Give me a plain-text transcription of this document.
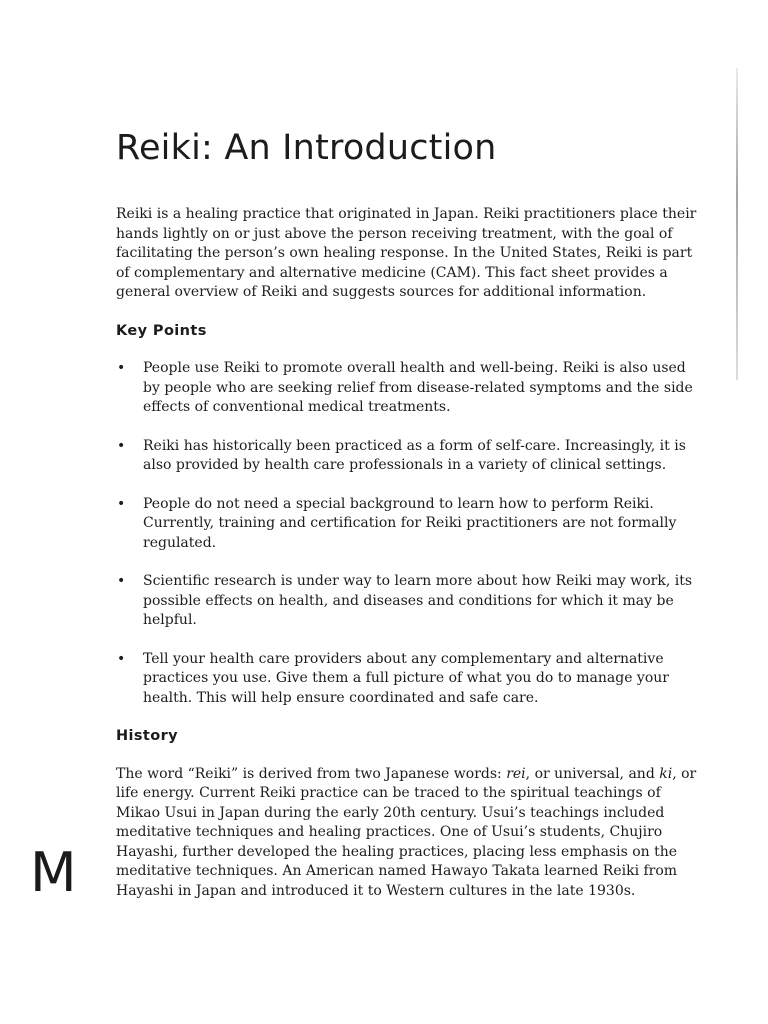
Reiki: An Introduction

Reiki is a healing practice that originated in Japan. Reiki practitioners place their hands lightly on or just above the person receiving treatment, with the goal of facilitating the person’s own healing response. In the United States, Reiki is part of complementary and alternative medicine (CAM). This fact sheet provides a general overview of Reiki and suggests sources for additional information.

Key Points
• People use Reiki to promote overall health and well-being. Reiki is also used by people who are seeking relief from disease-related symptoms and the side effects of conventional medical treatments.
• Reiki has historically been practiced as a form of self-care. Increasingly, it is also provided by health care professionals in a variety of clinical settings.
• People do not need a special background to learn how to perform Reiki. Currently, training and certification for Reiki practitioners are not formally regulated.
• Scientific research is under way to learn more about how Reiki may work, its possible effects on health, and diseases and conditions for which it may be helpful.
• Tell your health care providers about any complementary and alternative practices you use. Give them a full picture of what you do to manage your health. This will help ensure coordinated and safe care.
History

The word “Reiki” is derived from two Japanese words: rei, or universal, and ki, or life energy. Current Reiki practice can be traced to the spiritual teachings of Mikao Usui in Japan during the early 20th century. Usui’s teachings included meditative techniques and healing practices. One of Usui’s students, Chujiro Hayashi, further developed the healing practices, placing less emphasis on the meditative techniques. An American named Hawayo Takata learned Reiki from Hayashi in Japan and introduced it to Western cultures in the late 1930s.

M
